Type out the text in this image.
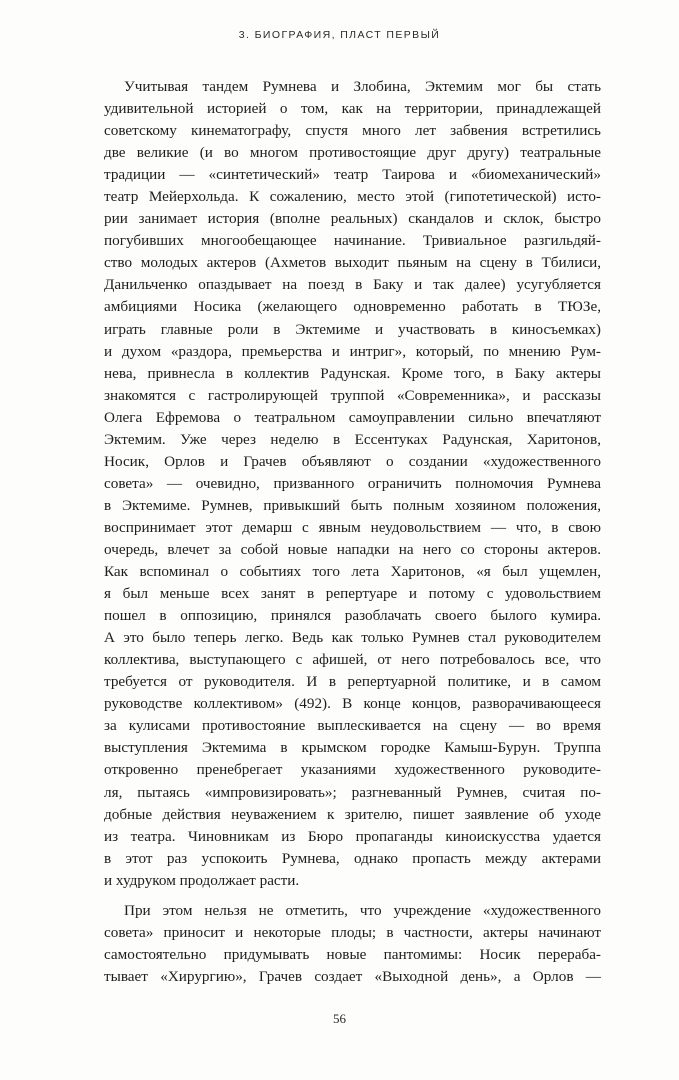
3. БИОГРАФИЯ, ПЛАСТ ПЕРВЫЙ
Учитывая тандем Румнева и Злобина, Эктемим мог бы стать
удивительной историей о том, как на территории, принадлежащей
советскому кинематографу, спустя много лет забвения встретились
две великие (и во многом противостоящие друг другу) театральные
традиции — «синтетический» театр Таирова и «биомеханический»
театр Мейерхольда. К сожалению, место этой (гипотетической) исто-
рии занимает история (вполне реальных) скандалов и склок, быстро
погубивших многообещающее начинание. Тривиальное разгильдяй-
ство молодых актеров (Ахметов выходит пьяным на сцену в Тбилиси,
Данильченко опаздывает на поезд в Баку и так далее) усугубляется
амбициями Носика (желающего одновременно работать в ТЮЗе,
играть главные роли в Эктемиме и участвовать в киносъемках)
и духом «раздора, премьерства и интриг», который, по мнению Рум-
нева, привнесла в коллектив Радунская. Кроме того, в Баку актеры
знакомятся с гастролирующей труппой «Современника», и рассказы
Олега Ефремова о театральном самоуправлении сильно впечатляют
Эктемим. Уже через неделю в Ессентуках Радунская, Харитонов,
Носик, Орлов и Грачев объявляют о создании «художественного
совета» — очевидно, призванного ограничить полномочия Румнева
в Эктемиме. Румнев, привыкший быть полным хозяином положения,
воспринимает этот демарш с явным неудовольствием — что, в свою
очередь, влечет за собой новые нападки на него со стороны актеров.
Как вспоминал о событиях того лета Харитонов, «я был ущемлен,
я был меньше всех занят в репертуаре и потому с удовольствием
пошел в оппозицию, принялся разоблачать своего былого кумира.
А это было теперь легко. Ведь как только Румнев стал руководителем
коллектива, выступающего с афишей, от него потребовалось все, что
требуется от руководителя. И в репертуарной политике, и в самом
руководстве коллективом» (492). В конце концов, разворачивающееся
за кулисами противостояние выплескивается на сцену — во время
выступления Эктемима в крымском городке Камыш-Бурун. Труппа
откровенно пренебрегает указаниями художественного руководите-
ля, пытаясь «импровизировать»; разгневанный Румнев, считая по-
добные действия неуважением к зрителю, пишет заявление об уходе
из театра. Чиновникам из Бюро пропаганды киноискусства удается
в этот раз успокоить Румнева, однако пропасть между актерами
и худруком продолжает расти.
При этом нельзя не отметить, что учреждение «художественного
совета» приносит и некоторые плоды; в частности, актеры начинают
самостоятельно придумывать новые пантомимы: Носик перераба-
тывает «Хирургию», Грачев создает «Выходной день», а Орлов —
56
